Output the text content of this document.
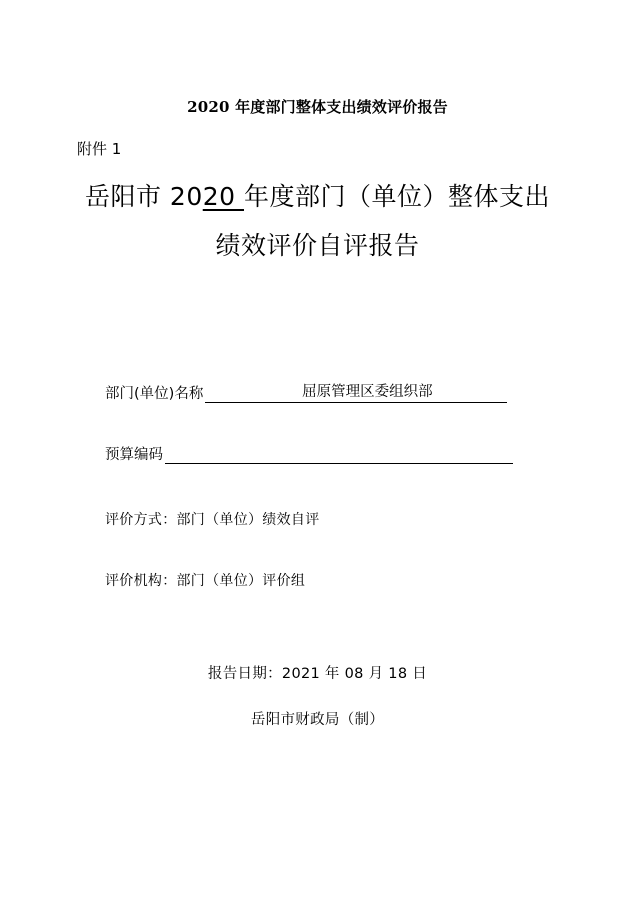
2020 年度部门整体支出绩效评价报告
附件 1
岳阳市 2020 年度部门（单位）整体支出
绩效评价自评报告
部门(单位)名称	屈原管理区委组织部
预算编码
评价方式： 部门（单位）绩效自评
评价机构： 部门（单位）评价组
报告日期：2021 年 08 月 18 日
岳阳市财政局（制）
